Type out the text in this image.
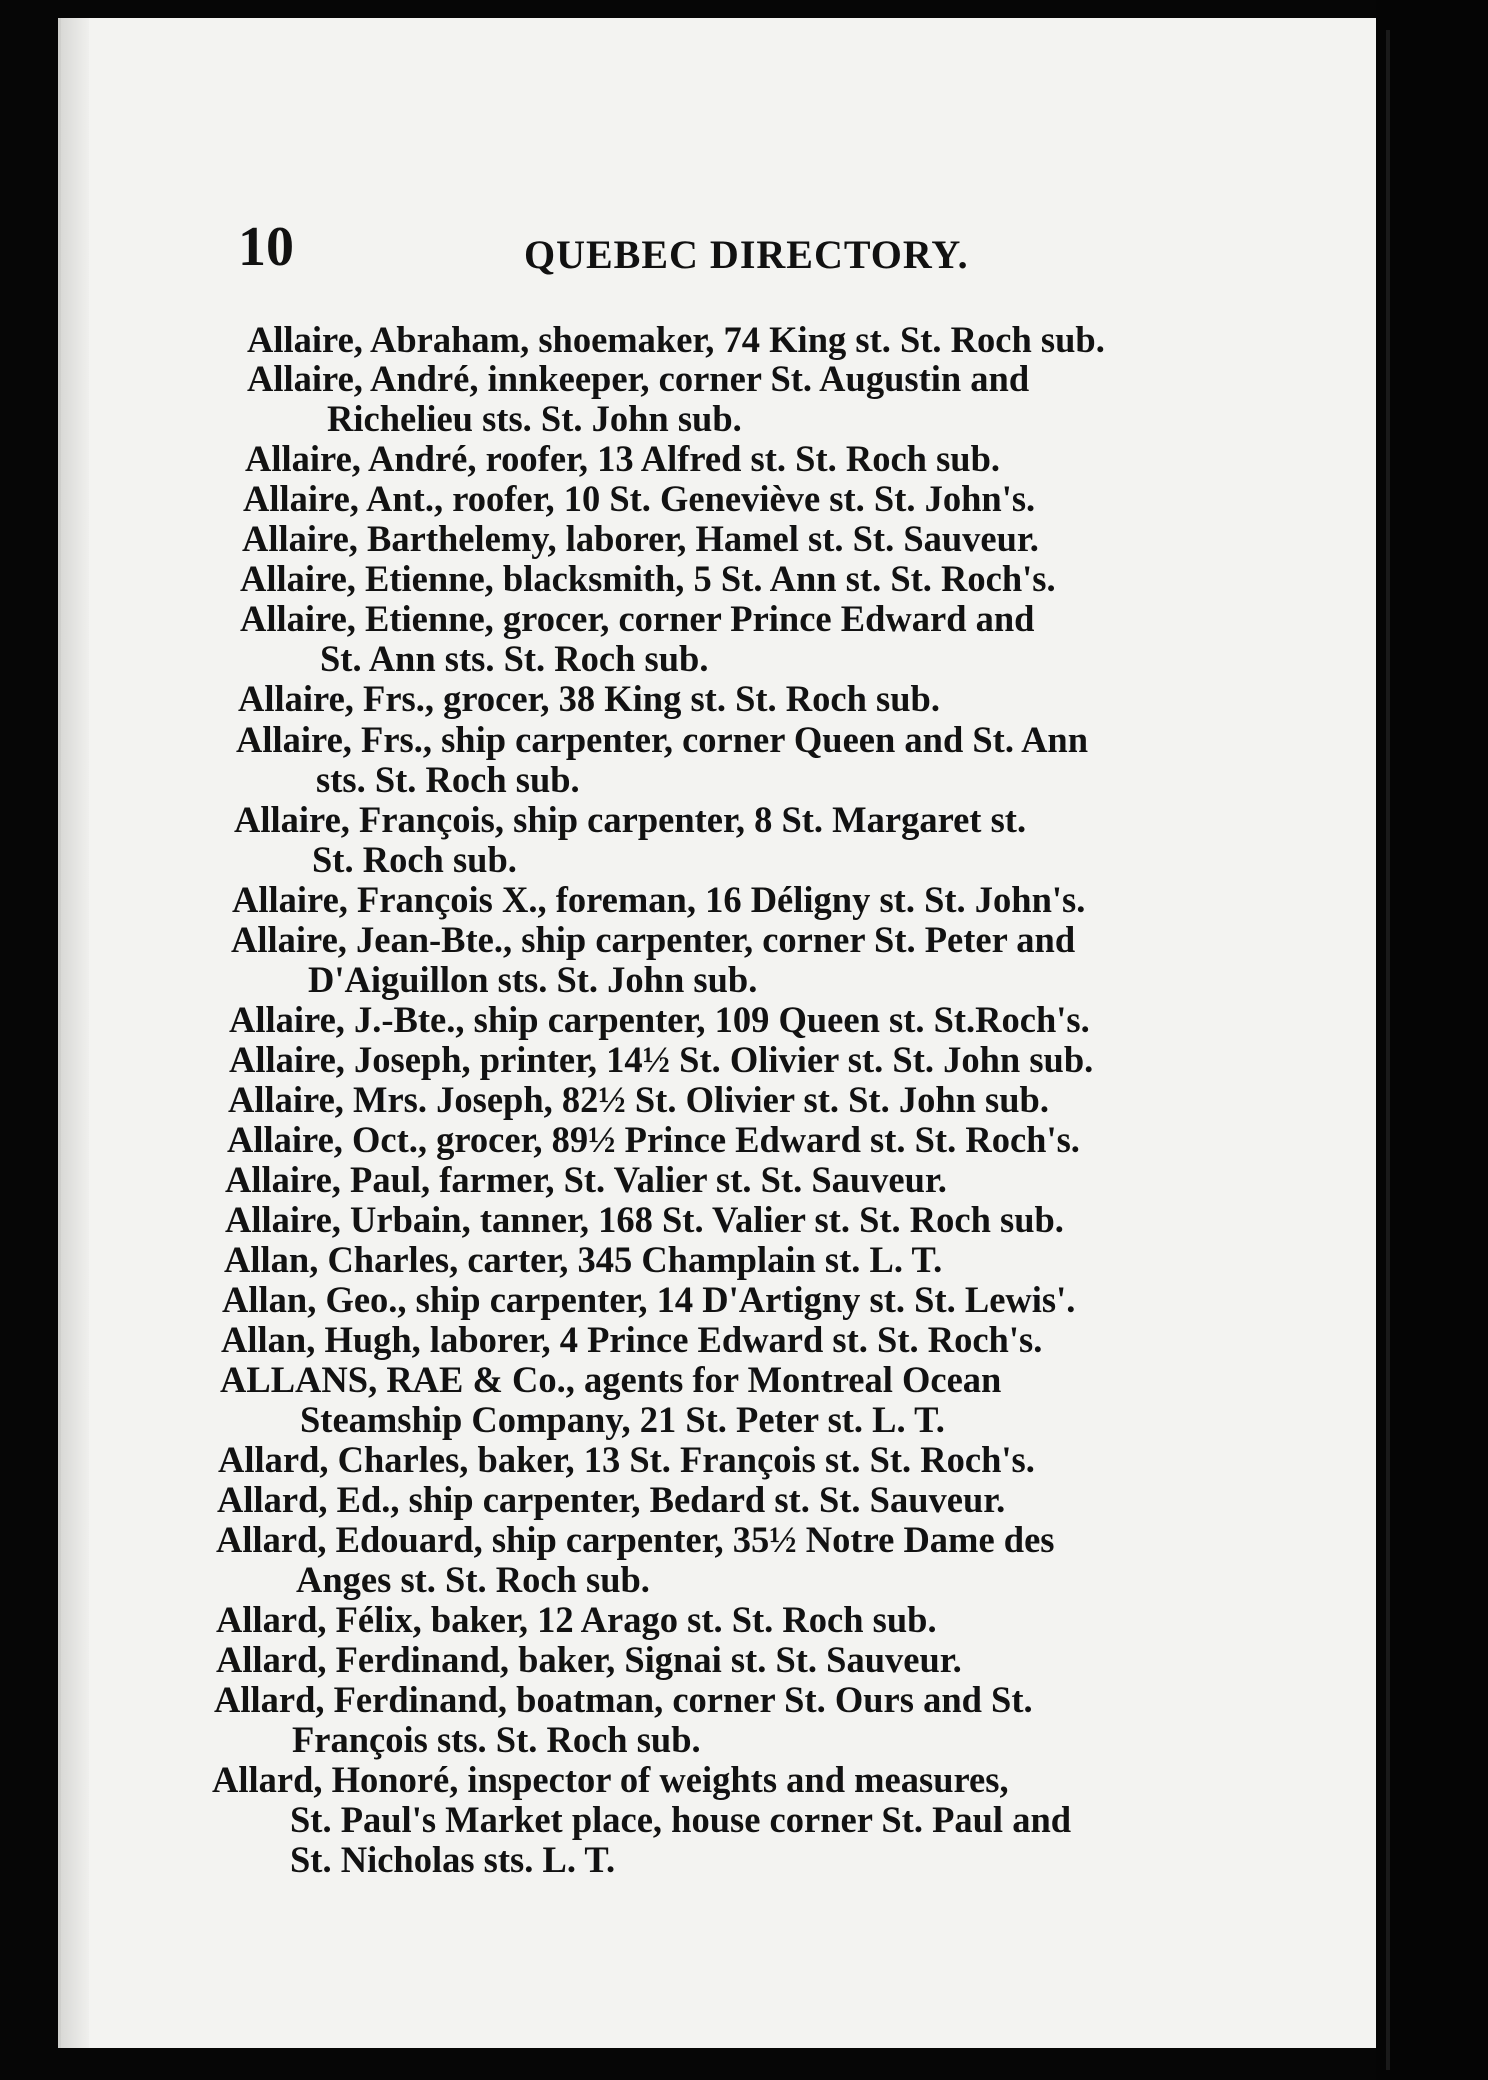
10	QUEBEC DIRECTORY.
Allaire, Abraham, shoemaker, 74 King st. St. Roch sub.
Allaire, André, innkeeper, corner St. Augustin and
Richelieu sts. St. John sub.
Allaire, André, roofer, 13 Alfred st. St. Roch sub.
Allaire, Ant., roofer, 10 St. Geneviève st. St. John's.
Allaire, Barthelemy, laborer, Hamel st. St. Sauveur.
Allaire, Etienne, blacksmith, 5 St. Ann st. St. Roch's.
Allaire, Etienne, grocer, corner Prince Edward and
St. Ann sts. St. Roch sub.
Allaire, Frs., grocer, 38 King st. St. Roch sub.
Allaire, Frs., ship carpenter, corner Queen and St. Ann
sts. St. Roch sub.
Allaire, François, ship carpenter, 8 St. Margaret st.
St. Roch sub.
Allaire, François X., foreman, 16 Déligny st. St. John's.
Allaire, Jean-Bte., ship carpenter, corner St. Peter and
D'Aiguillon sts. St. John sub.
Allaire, J.-Bte., ship carpenter, 109 Queen st. St.Roch's.
Allaire, Joseph, printer, 14½ St. Olivier st. St. John sub.
Allaire, Mrs. Joseph, 82½ St. Olivier st. St. John sub.
Allaire, Oct., grocer, 89½ Prince Edward st. St. Roch's.
Allaire, Paul, farmer, St. Valier st. St. Sauveur.
Allaire, Urbain, tanner, 168 St. Valier st. St. Roch sub.
Allan, Charles, carter, 345 Champlain st. L. T.
Allan, Geo., ship carpenter, 14 D'Artigny st. St. Lewis'.
Allan, Hugh, laborer, 4 Prince Edward st. St. Roch's.
ALLANS, RAE & Co., agents for Montreal Ocean
Steamship Company, 21 St. Peter st. L. T.
Allard, Charles, baker, 13 St. François st. St. Roch's.
Allard, Ed., ship carpenter, Bedard st. St. Sauveur.
Allard, Edouard, ship carpenter, 35½ Notre Dame des
Anges st. St. Roch sub.
Allard, Félix, baker, 12 Arago st. St. Roch sub.
Allard, Ferdinand, baker, Signai st. St. Sauveur.
Allard, Ferdinand, boatman, corner St. Ours and St.
François sts. St. Roch sub.
Allard, Honoré, inspector of weights and measures,
St. Paul's Market place, house corner St. Paul and
St. Nicholas sts. L. T.
